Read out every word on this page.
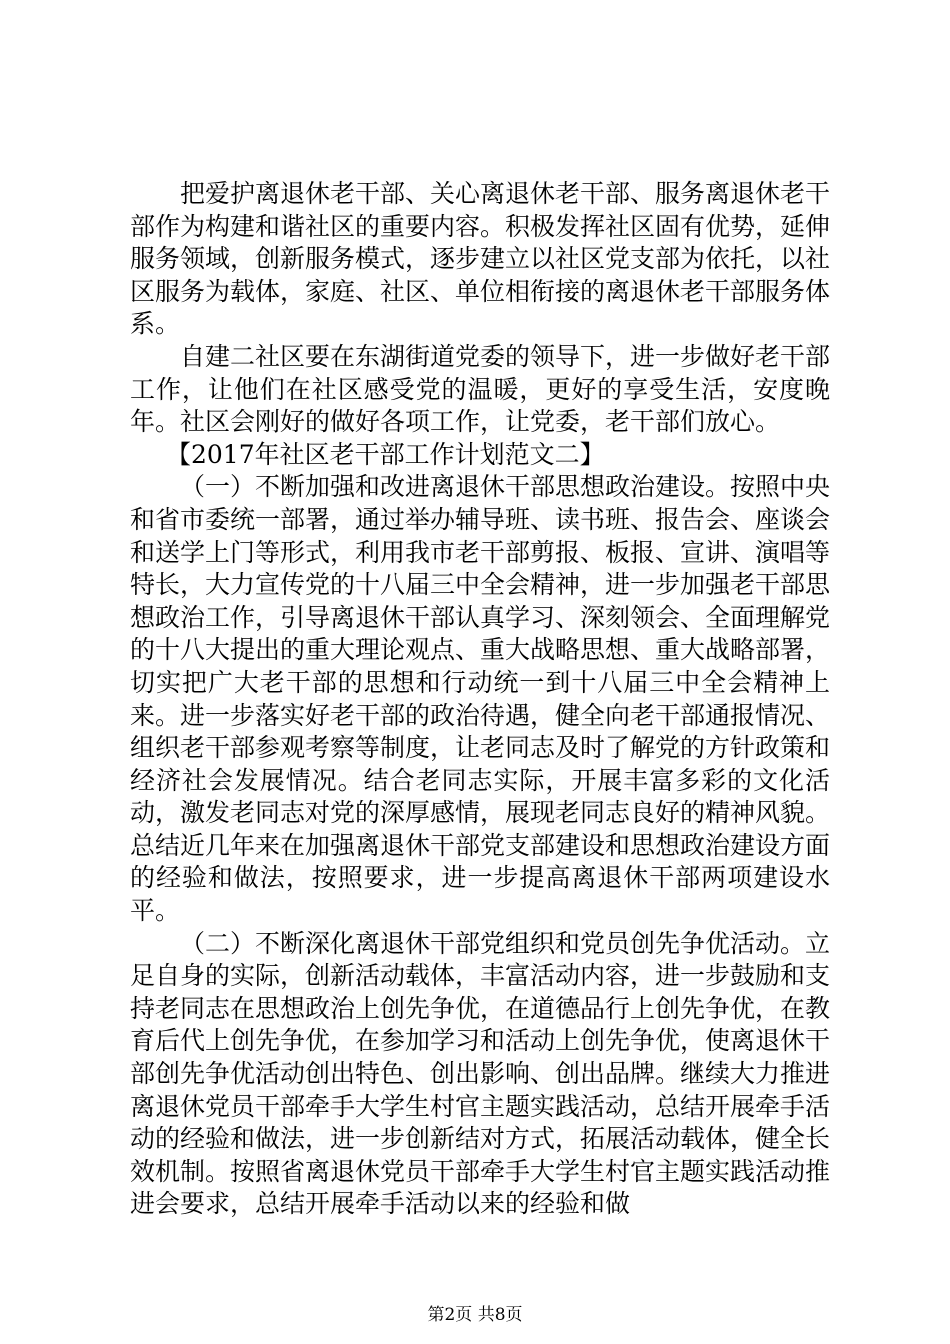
把爱护离退休老干部、关心离退休老干部、服务离退休老干部作为构建和谐社区的重要内容。积极发挥社区固有优势，延伸服务领域，创新服务模式，逐步建立以社区党支部为依托，以社区服务为载体，家庭、社区、单位相衔接的离退休老干部服务体系。

自建二社区要在东湖街道党委的领导下，进一步做好老干部工作，让他们在社区感受党的温暖，更好的享受生活，安度晚年。社区会刚好的做好各项工作，让党委，老干部们放心。

【2017年社区老干部工作计划范文二】

（一）不断加强和改进离退休干部思想政治建设。按照中央和省市委统一部署，通过举办辅导班、读书班、报告会、座谈会和送学上门等形式，利用我市老干部剪报、板报、宣讲、演唱等特长，大力宣传党的十八届三中全会精神，进一步加强老干部思想政治工作，引导离退休干部认真学习、深刻领会、全面理解党的十八大提出的重大理论观点、重大战略思想、重大战略部署，切实把广大老干部的思想和行动统一到十八届三中全会精神上来。进一步落实好老干部的政治待遇，健全向老干部通报情况、组织老干部参观考察等制度，让老同志及时了解党的方针政策和经济社会发展情况。结合老同志实际，开展丰富多彩的文化活动，激发老同志对党的深厚感情，展现老同志良好的精神风貌。总结近几年来在加强离退休干部党支部建设和思想政治建设方面的经验和做法，按照要求，进一步提高离退休干部两项建设水平。

（二）不断深化离退休干部党组织和党员创先争优活动。立足自身的实际，创新活动载体，丰富活动内容，进一步鼓励和支持老同志在思想政治上创先争优，在道德品行上创先争优，在教育后代上创先争优，在参加学习和活动上创先争优，使离退休干部创先争优活动创出特色、创出影响、创出品牌。继续大力推进离退休党员干部牵手大学生村官主题实践活动，总结开展牵手活动的经验和做法，进一步创新结对方式，拓展活动载体，健全长效机制。按照省离退休党员干部牵手大学生村官主题实践活动推进会要求，总结开展牵手活动以来的经验和做

第2页 共8页
